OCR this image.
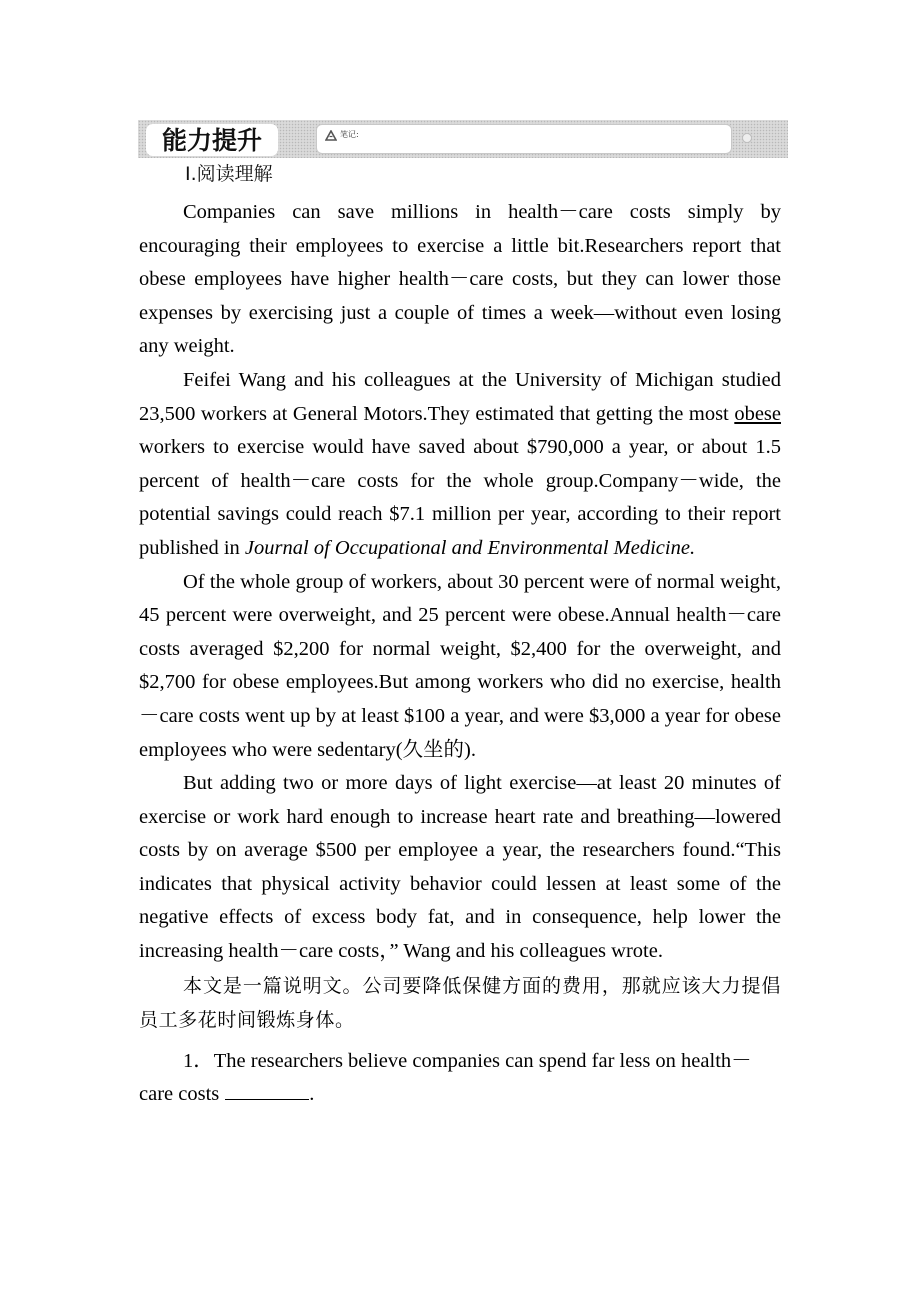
能力提升	笔记:
Ⅰ.阅读理解

Companies can save millions in health－care costs simply by encouraging their employees to exercise a little bit.Researchers report that obese employees have higher health－care costs, but they can lower those expenses by exercising just a couple of times a week—without even losing any weight.

Feifei Wang and his colleagues at the University of Michigan studied 23,500 workers at General Motors.They estimated that getting the most obese workers to exercise would have saved about $790,000 a year, or about 1.5 percent of health－care costs for the whole group.Company－wide, the potential savings could reach $7.1 million per year, according to their report published in Journal of Occupational and Environmental Medicine.

Of the whole group of workers, about 30 percent were of normal weight, 45 percent were overweight, and 25 percent were obese.Annual health－care costs averaged $2,200 for normal weight, $2,400 for the overweight, and $2,700 for obese employees.But among workers who did no exercise, health－care costs went up by at least $100 a year, and were $3,000 a year for obese employees who were sedentary(久坐的).

But adding two or more days of light exercise—at least 20 minutes of exercise or work hard enough to increase heart rate and breathing—lowered costs by on average $500 per employee a year, the researchers found.“This indicates that physical activity behavior could lessen at least some of the negative effects of excess body fat, and in consequence, help lower the increasing health－care costs，” Wang and his colleagues wrote.

本文是一篇说明文。公司要降低保健方面的费用，那就应该大力提倡员工多花时间锻炼身体。

1．The researchers believe companies can spend far less on health－care costs	.
